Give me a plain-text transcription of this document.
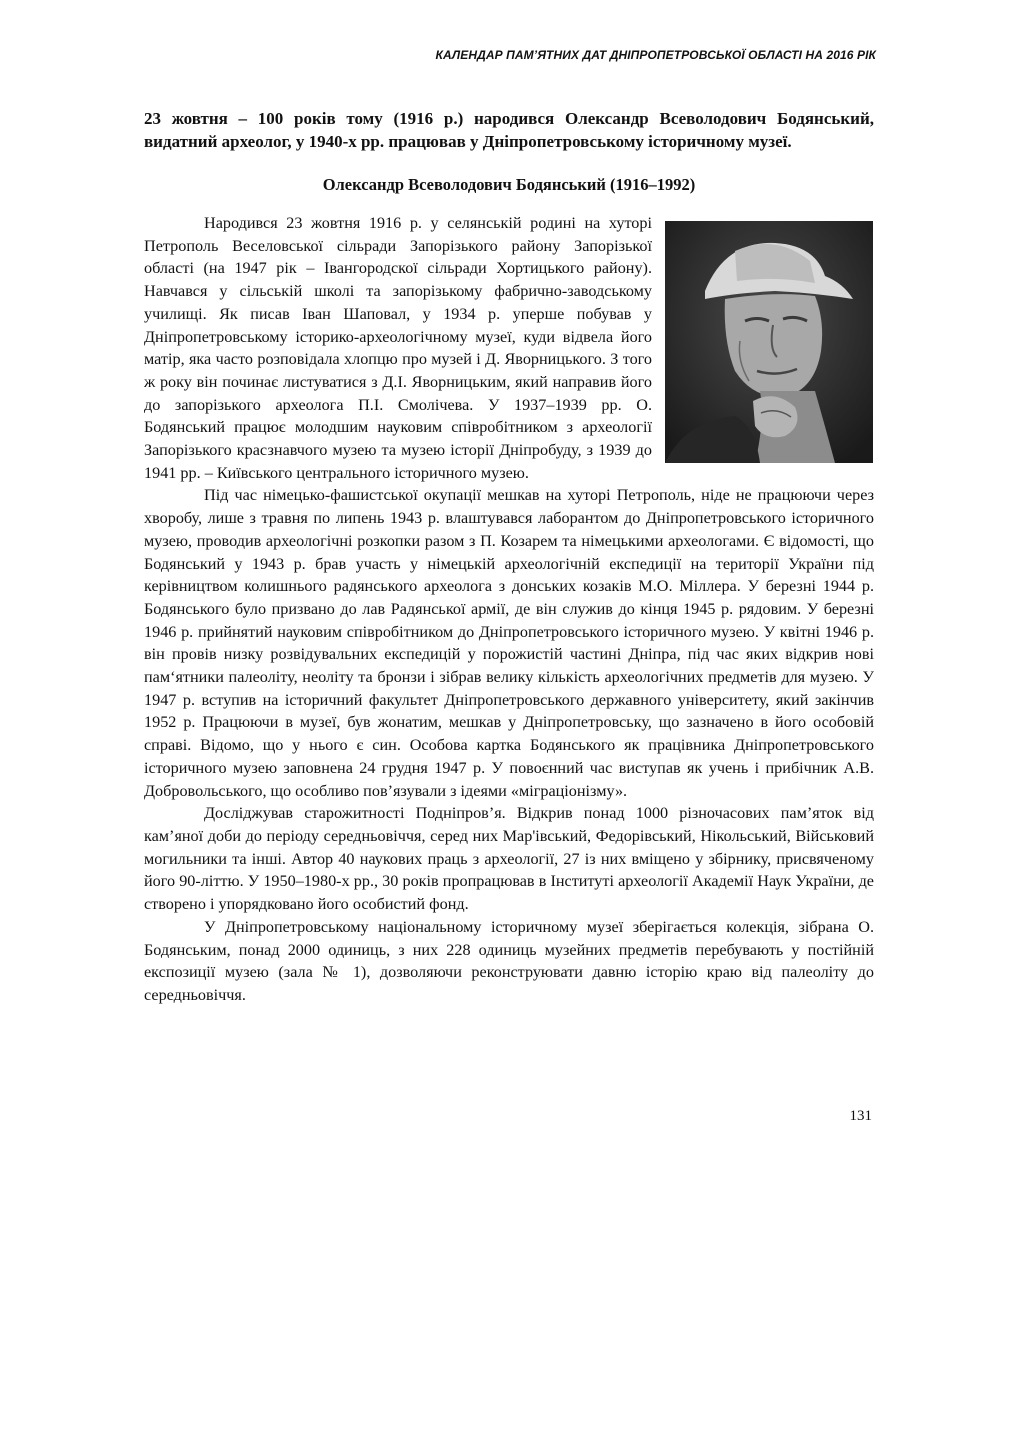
КАЛЕНДАР ПАМ’ЯТНИХ ДАТ ДНІПРОПЕТРОВСЬКОЇ ОБЛАСТІ НА 2016 РІК
23 жовтня – 100 років тому (1916 р.) народився Олександр Всеволодович Бодянський, видатний археолог, у 1940-х рр. працював у Дніпропетровському історичному музеї.
Олександр Всеволодович Бодянський (1916–1992)

Народився 23 жовтня 1916 р. у селянській родині на хуторі Петрополь Веселовської сільради Запорізького району Запорізької області (на 1947 рік – Івангородскої сільради Хортицького району). Навчався у сільській школі та запорізькому фабрично-заводському училищі. Як писав Іван Шаповал, у 1934 р. уперше побував у Дніпропетровському історико-археологічному музеї, куди відвела його матір, яка часто розповідала хлопцю про музей і Д. Яворницького. З того ж року він починає листуватися з Д.І. Яворницьким, який направив його до запорізького археолога П.І. Смолічева. У 1937–1939 рр. О. Бодянський працює молодшим науковим співробітником з археології Запорізького красзнавчого музею та музею історії Дніпробуду, з 1939 до 1941 рр. – Київського центрального історичного музею.

Під час німецько-фашистської окупації мешкав на хуторі Петрополь, ніде не працюючи через хворобу, лише з травня по липень 1943 р. влаштувався лаборантом до Дніпропетровського історичного музею, проводив археологічні розкопки разом з П. Козарем та німецькими археологами. Є відомості, що Бодянський у 1943 р. брав участь у німецькій археологічній експедиції на території України під керівництвом колишнього радянського археолога з донських козаків М.О. Міллера. У березні 1944 р. Бодянського було призвано до лав Радянської армії, де він служив до кінця 1945 р. рядовим. У березні 1946 р. прийнятий науковим співробітником до Дніпропетровського історичного музею. У квітні 1946 р. він провів низку розвідувальних експедицій у порожистій частині Дніпра, під час яких відкрив нові пам‘ятники палеоліту, неоліту та бронзи і зібрав велику кількість археологічних предметів для музею. У 1947 р. вступив на історичний факультет Дніпропетровського державного університету, який закінчив 1952 р. Працюючи в музеї, був жонатим, мешкав у Дніпропетровську, що зазначено в його особовій справі. Відомо, що у нього є син. Особова картка Бодянського як працівника Дніпропетровського історичного музею заповнена 24 грудня 1947 р. У повоєнний час виступав як учень і прибічник А.В. Добровольського, що особливо пов’язували з ідеями «міграціонізму».

Досліджував старожитності Подніпров’я. Відкрив понад 1000 різночасових пам’яток від кам’яної доби до періоду середньовіччя, серед них Мар'івський, Федорівський, Нікольський, Військовий могильники та інші. Автор 40 наукових праць з археології, 27 із них вміщено у збірнику, присвяченому його 90-літтю. У 1950–1980-х рр., 30 років пропрацював в Інституті археології Академії Наук України, де створено і упорядковано його особистий фонд.

У Дніпропетровському національному історичному музеї зберігається колекція, зібрана О. Бодянським, понад 2000 одиниць, з них 228 одиниць музейних предметів перебувають у постійній експозиції музею (зала № 1), дозволяючи реконструювати давню історію краю від палеоліту до середньовіччя.

131
